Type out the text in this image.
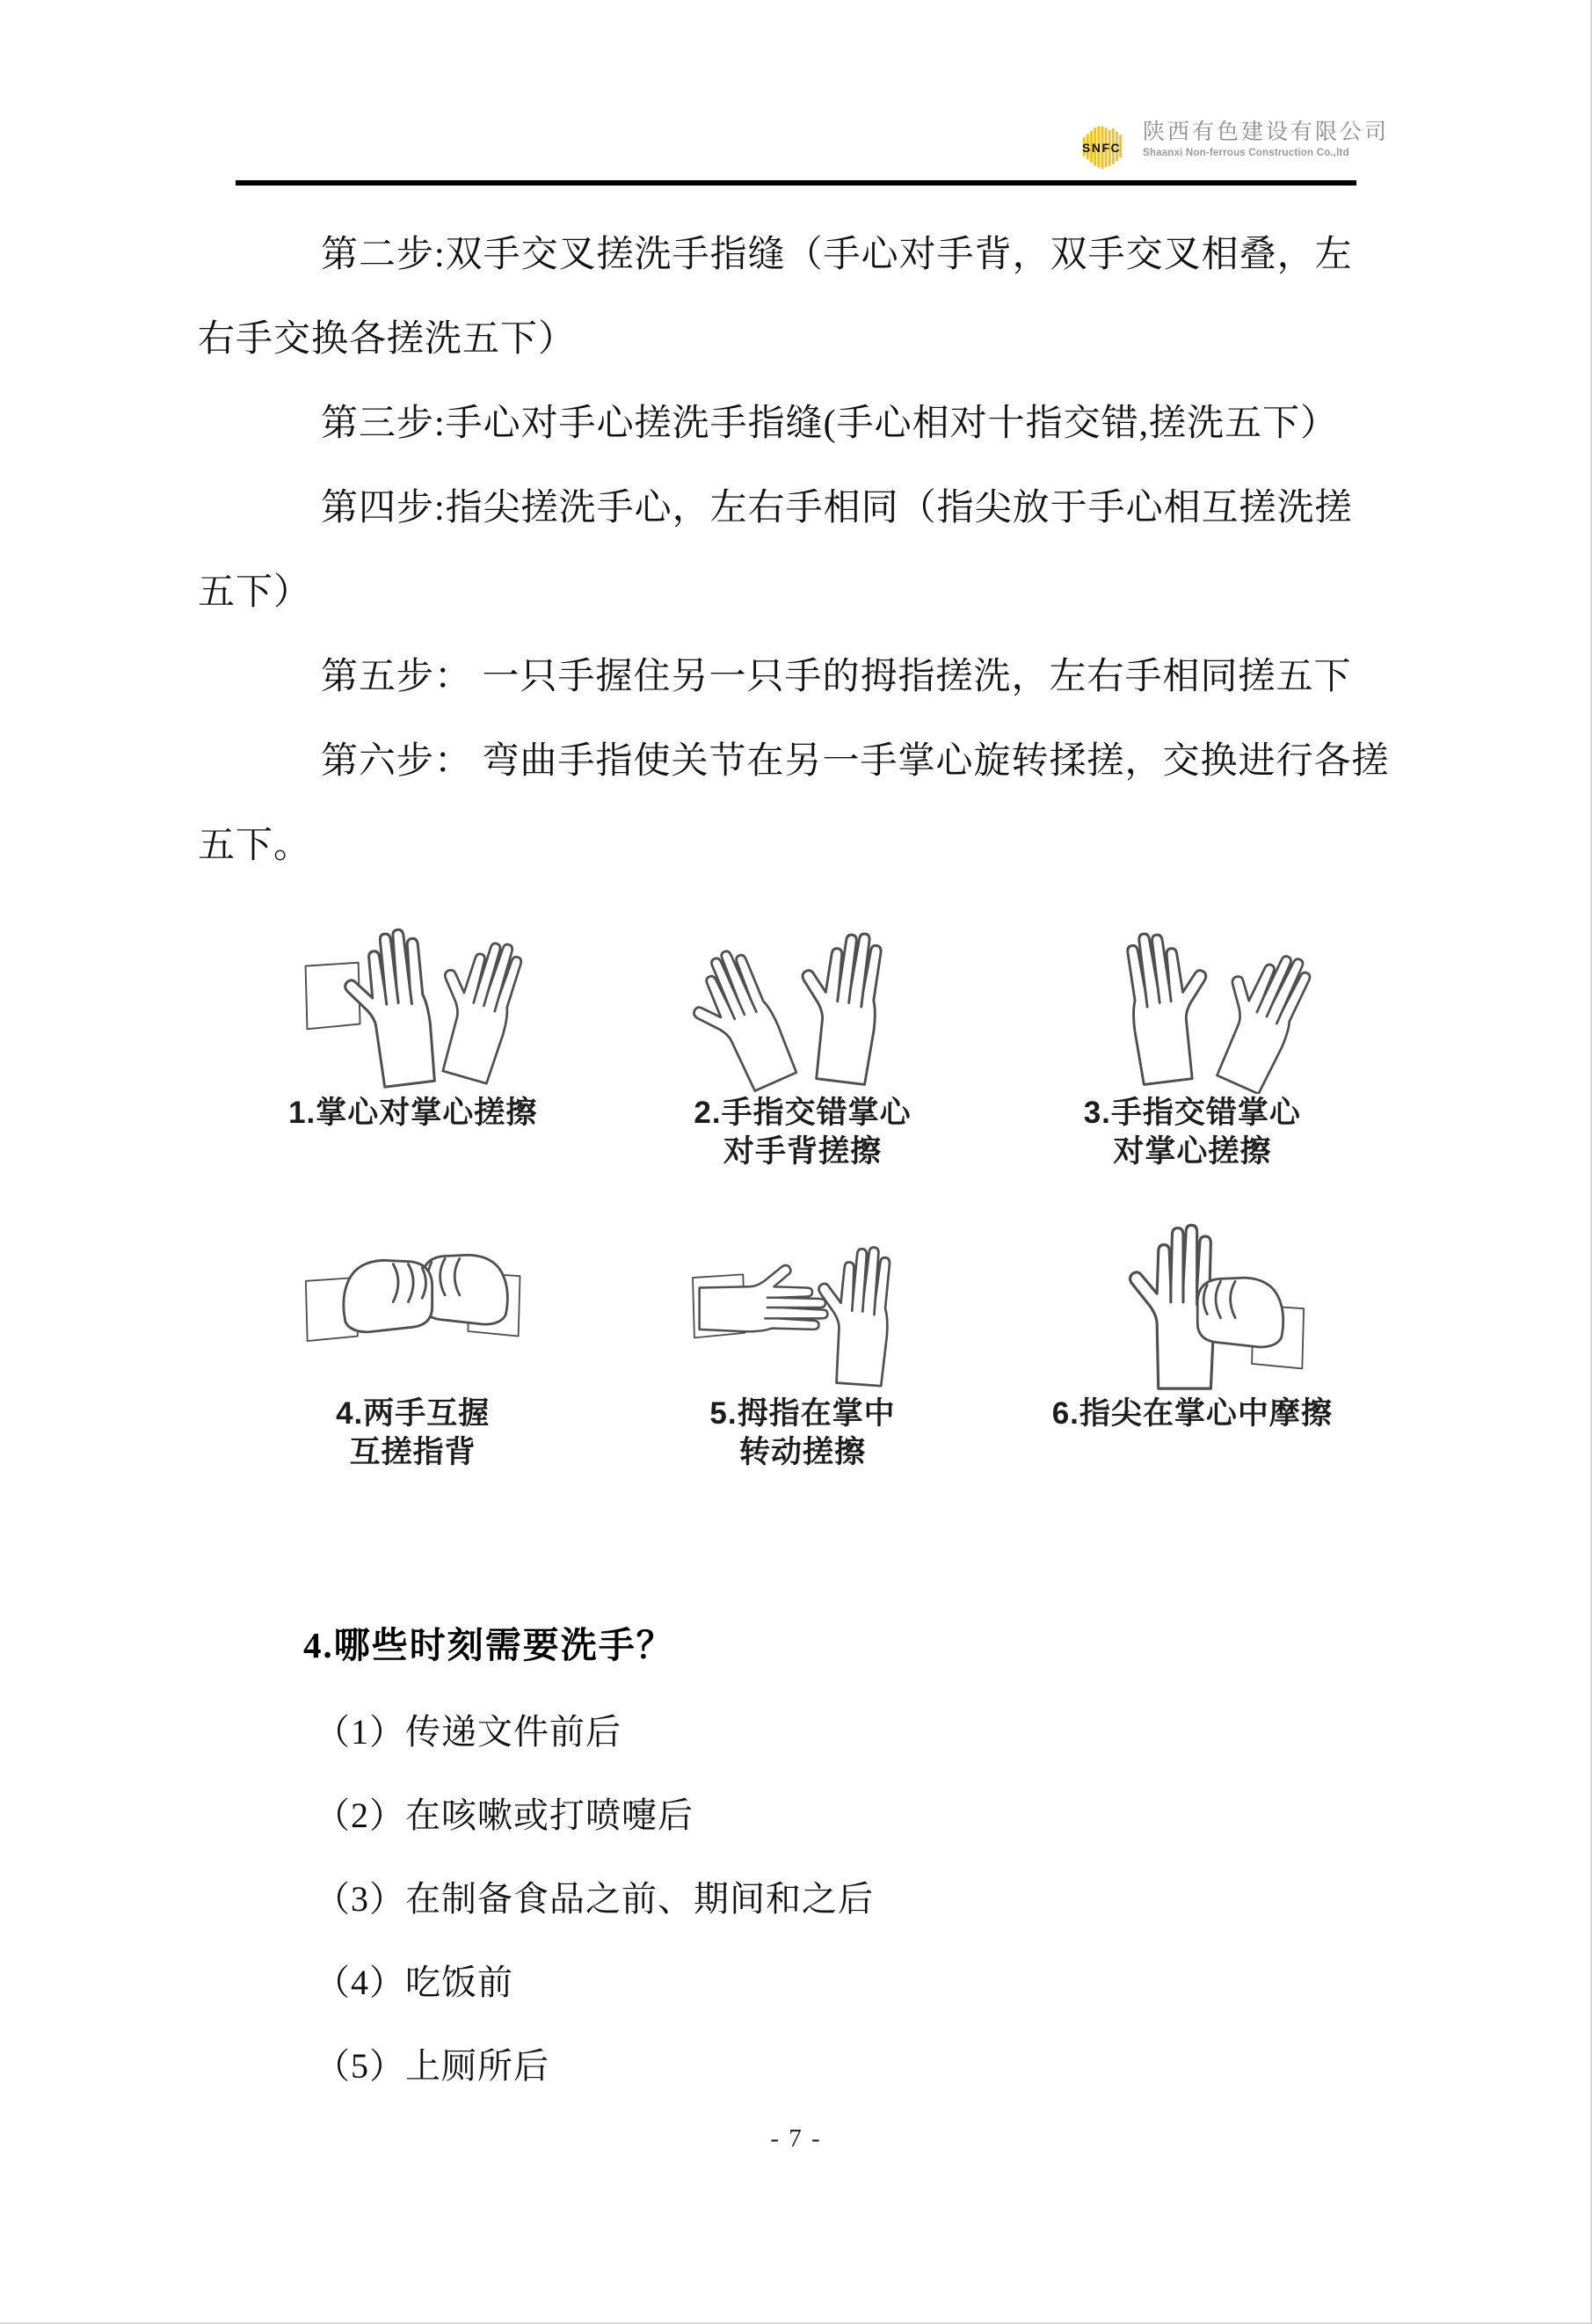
SNFC
陕西有色建设有限公司
Shaanxi Non-ferrous Construction Co.,ltd
第二步:双手交叉搓洗手指缝（手心对手背，双手交叉相叠，左
右手交换各搓洗五下）
第三步:手心对手心搓洗手指缝(手心相对十指交错,搓洗五下）
第四步:指尖搓洗手心，左右手相同（指尖放于手心相互搓洗搓
五下）
第五步： 一只手握住另一只手的拇指搓洗，左右手相同搓五下
第六步： 弯曲手指使关节在另一手掌心旋转揉搓，交换进行各搓
五下。
1.掌心对掌心搓擦	2.手指交错掌心
对手背搓擦
3.手指交错掌心
对掌心搓擦
4.两手互握
互搓指背
5.拇指在掌中
转动搓擦
6.指尖在掌心中摩擦
4.哪些时刻需要洗手？
（1）传递文件前后
（2）在咳嗽或打喷嚏后
（3）在制备食品之前、期间和之后
（4）吃饭前
（5）上厕所后
- 7 -
